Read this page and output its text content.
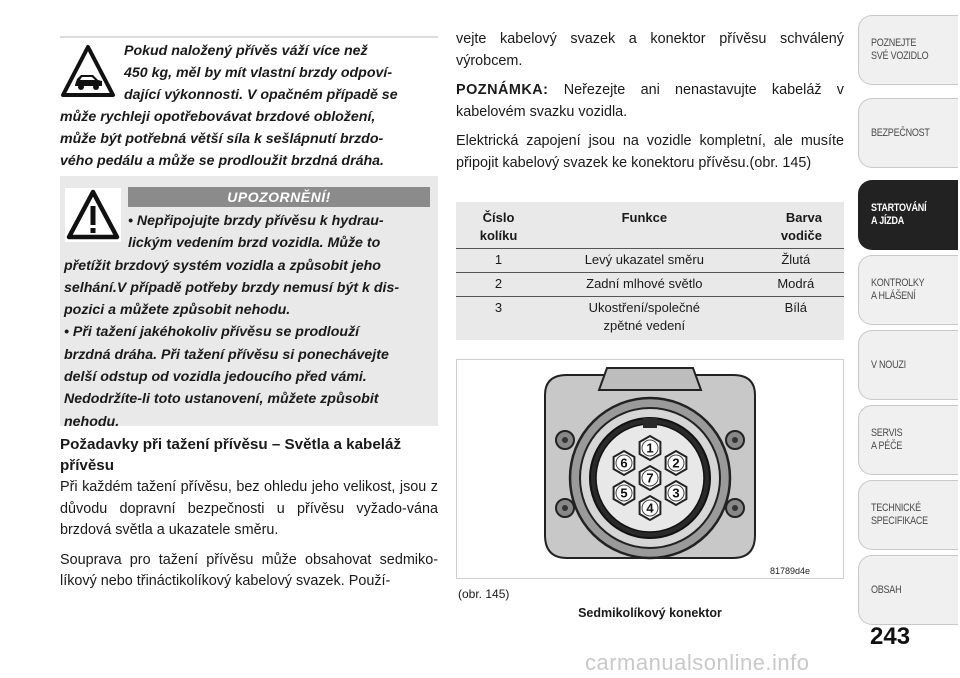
Pokud naložený přívěs váží více než
450 kg, měl by mít vlastní brzdy odpoví-
dající výkonnosti. V opačném případě se
může rychleji opotřebovávat brzdové obložení,
může být potřebná větší síla k sešlápnutí brzdo-
vého pedálu a může se prodloužit brzdná dráha.
UPOZORNĚNÍ!
• Nepřipojujte brzdy přívěsu k hydrau-
lickým vedením brzd vozidla. Může to
přetížit brzdový systém vozidla a způsobit jeho
selhání.V případě potřeby brzdy nemusí být k dis-
pozici a můžete způsobit nehodu.
• Při tažení jakéhokoliv přívěsu se prodlouží
brzdná dráha. Při tažení přívěsu si ponechávejte
delší odstup od vozidla jedoucího před vámi.
Nedodržíte-li toto ustanovení, můžete způsobit
nehodu.
Požadavky při tažení přívěsu – Světla a kabeláž přívěsu

Při každém tažení přívěsu, bez ohledu jeho velikost, jsou z důvodu dopravní bezpečnosti u přívěsu vyžado-vána brzdová světla a ukazatele směru.

Souprava pro tažení přívěsu může obsahovat sedmiko-líkový nebo třináctikolíkový kabelový svazek. Použí-

vejte kabelový svazek a konektor přívěsu schválený výrobcem.

POZNÁMKA: Neřezejte ani nenastavujte kabeláž v kabelovém svazku vozidla.

Elektrická zapojení jsou na vozidle kompletní, ale musíte připojit kabelový svazek ke konektoru přívěsu.(obr. 145)

Číslo
kolíku	Funkce	Barva
vodiče
1	Levý ukazatel směru	Žlutá
2	Zadní mlhové světlo	Modrá
3	Ukostření/společné zpětné vedení	Bílá
1
2
3
4
5
6
7
81789d4e
(obr. 145)
Sedmikolíkový konektor
POZNEJTE
SVÉ VOZIDLO
BEZPEČNOST
STARTOVÁNÍ
A JÍZDA
KONTROLKY
A HLÁŠENÍ
V NOUZI
SERVIS
A PÉČE
TECHNICKÉ
SPECIFIKACE
OBSAH
243
carmanualsonline.info
